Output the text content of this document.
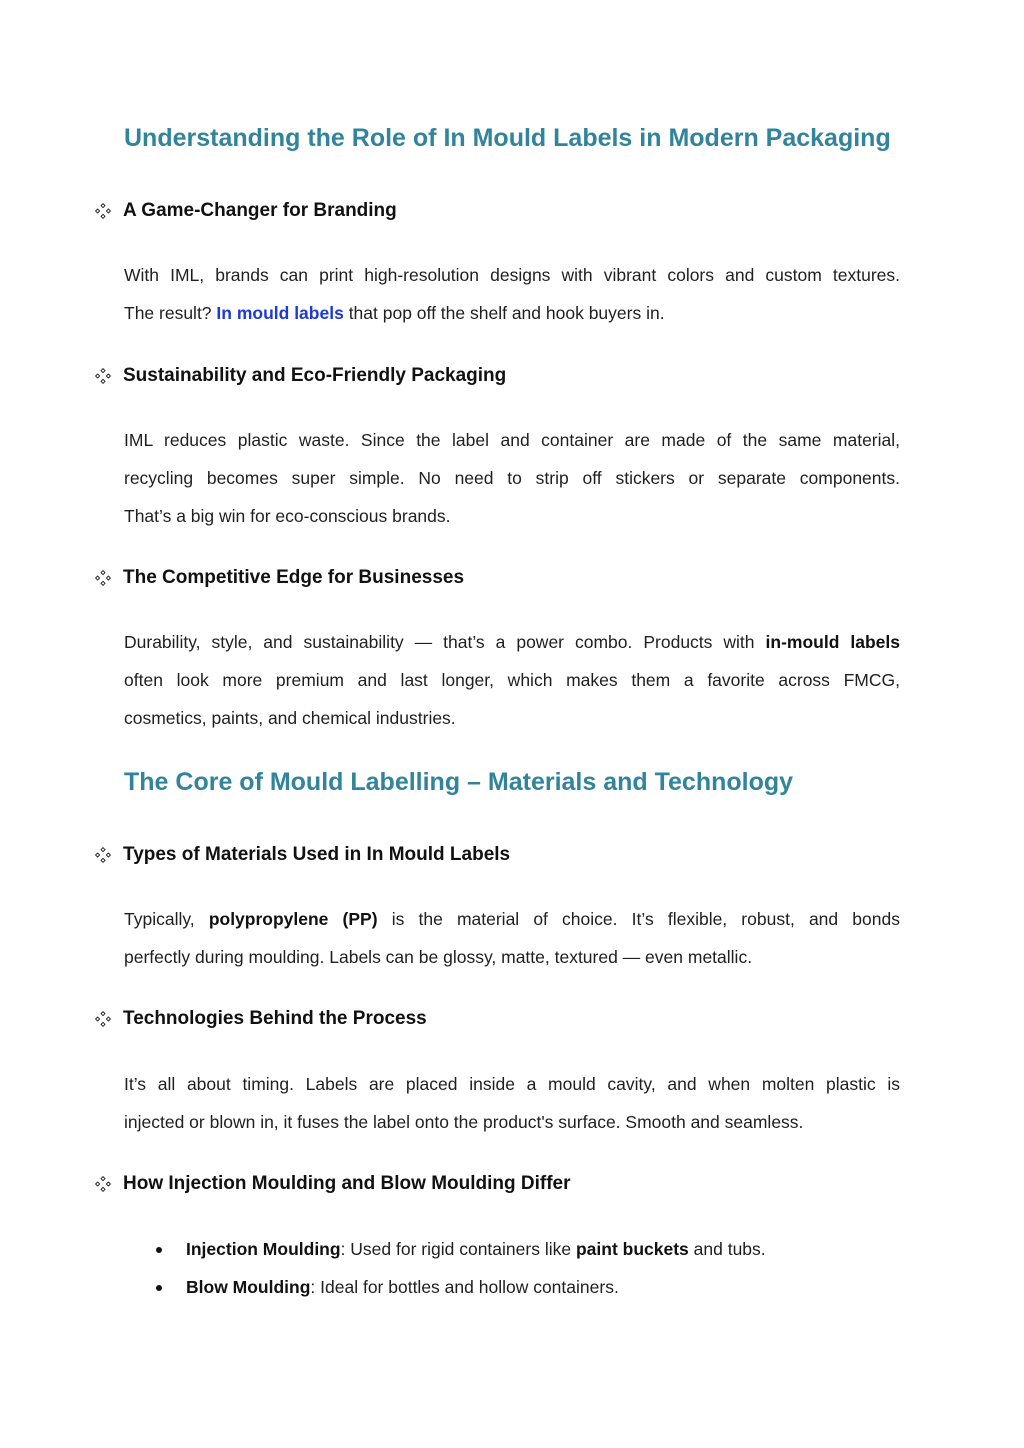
Understanding the Role of In Mould Labels in Modern Packaging
A Game-Changer for Branding
With IML, brands can print high-resolution designs with vibrant colors and custom textures.
The result? In mould labels that pop off the shelf and hook buyers in.
Sustainability and Eco-Friendly Packaging
IML reduces plastic waste. Since the label and container are made of the same material,
recycling becomes super simple. No need to strip off stickers or separate components.
That’s a big win for eco-conscious brands.
The Competitive Edge for Businesses
Durability, style, and sustainability — that’s a power combo. Products with in-mould labels
often look more premium and last longer, which makes them a favorite across FMCG,
cosmetics, paints, and chemical industries.
The Core of Mould Labelling – Materials and Technology
Types of Materials Used in In Mould Labels
Typically, polypropylene (PP) is the material of choice. It’s flexible, robust, and bonds
perfectly during moulding. Labels can be glossy, matte, textured — even metallic.
Technologies Behind the Process
It’s all about timing. Labels are placed inside a mould cavity, and when molten plastic is
injected or blown in, it fuses the label onto the product's surface. Smooth and seamless.
How Injection Moulding and Blow Moulding Differ
Injection Moulding: Used for rigid containers like paint buckets and tubs.
Blow Moulding: Ideal for bottles and hollow containers.
